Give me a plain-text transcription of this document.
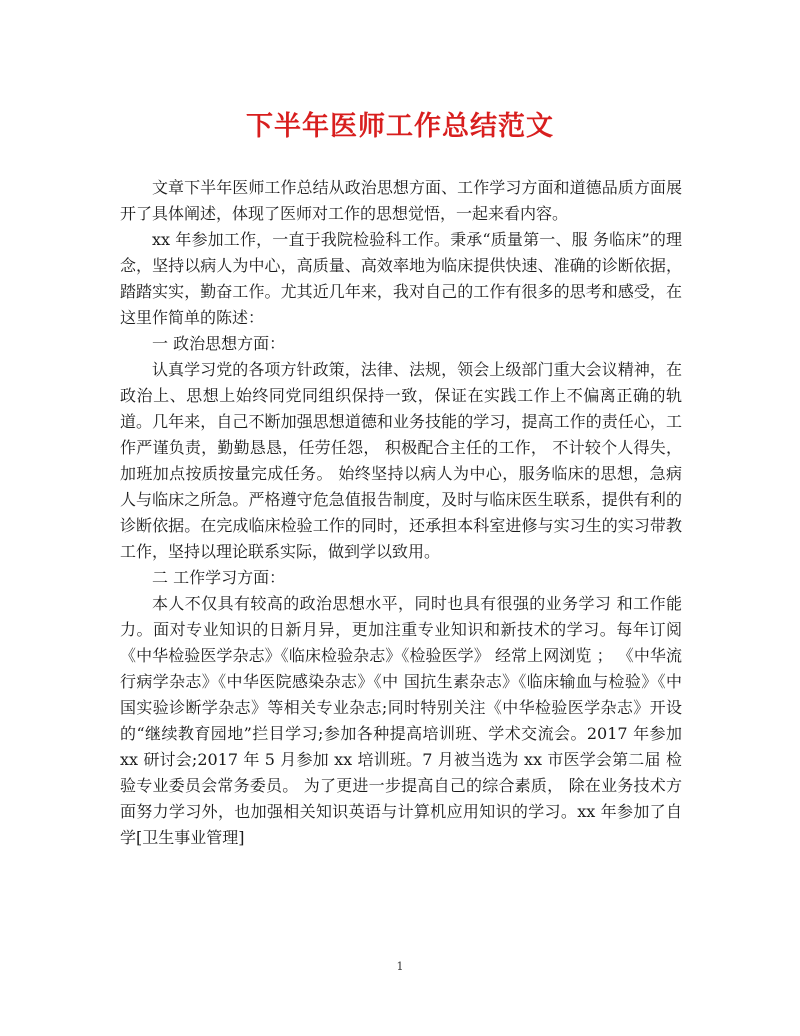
下半年医师工作总结范文

文章下半年医师工作总结从政治思想方面、工作学习方面和道德品质方面展开了具体阐述，体现了医师对工作的思想觉悟，一起来看内容。

xx 年参加工作，一直于我院检验科工作。秉承“质量第一、服 务临床”的理念，坚持以病人为中心，高质量、高效率地为临床提供快速、准确的诊断依据，踏踏实实，勤奋工作。尤其近几年来，我对自己的工作有很多的思考和感受，在这里作简单的陈述：

一 政治思想方面：

认真学习党的各项方针政策，法律、法规，领会上级部门重大会议精神，在政治上、思想上始终同党同组织保持一致，保证在实践工作上不偏离正确的轨道。几年来，自己不断加强思想道德和业务技能的学习，提高工作的责任心，工作严谨负责，勤勤恳恳，任劳任怨， 积极配合主任的工作， 不计较个人得失，加班加点按质按量完成任务。 始终坚持以病人为中心，服务临床的思想，急病人与临床之所急。严格遵守危急值报告制度，及时与临床医生联系，提供有利的诊断依据。在完成临床检验工作的同时，还承担本科室进修与实习生的实习带教 工作，坚持以理论联系实际，做到学以致用。

二 工作学习方面：

本人不仅具有较高的政治思想水平，同时也具有很强的业务学习 和工作能力。面对专业知识的日新月异，更加注重专业知识和新技术的学习。每年订阅《中华检验医学杂志》《临床检验杂志》《检验医学》 经常上网浏览 ； 《中华流行病学杂志》《中华医院感染杂志》《中 国抗生素杂志》《临床输血与检验》《中国实验诊断学杂志》等相关专业杂志;同时特别关注《中华检验医学杂志》开设的“继续教育园地”拦目学习;参加各种提高培训班、学术交流会。2017 年参加 xx 研讨会;2017 年 5 月参加 xx 培训班。7 月被当选为 xx 市医学会第二届 检验专业委员会常务委员。 为了更进一步提高自己的综合素质， 除在业务技术方面努力学习外，也加强相关知识英语与计算机应用知识的学习。xx 年参加了自学[卫生事业管理]

1
